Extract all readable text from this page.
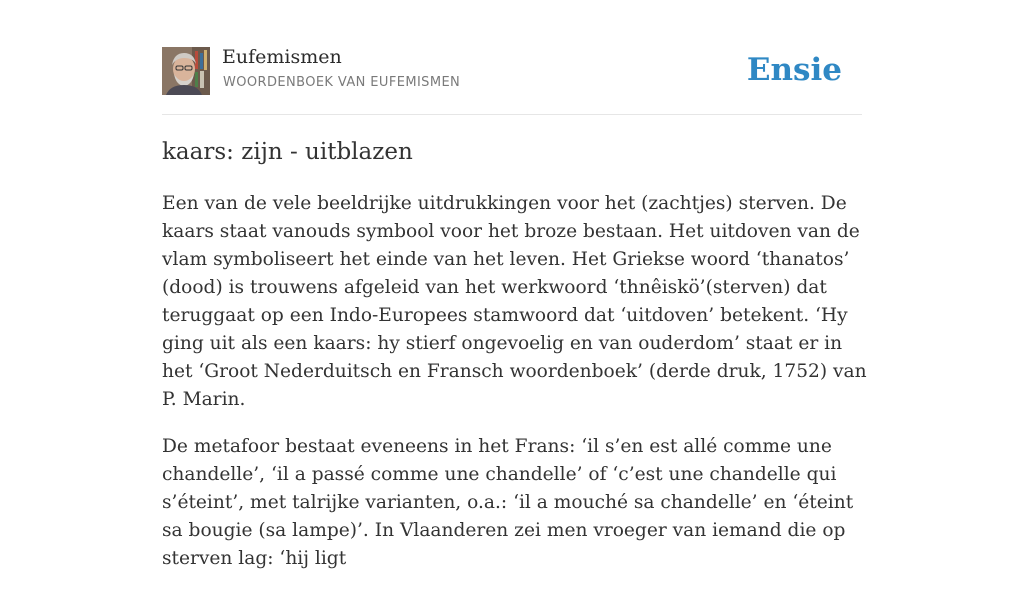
Eufemismen
WOORDENBOEK VAN EUFEMISMEN	Ensie
kaars: zijn - uitblazen

Een van de vele beeldrijke uitdrukkingen voor het (zachtjes) sterven. De kaars staat vanouds symbool voor het broze bestaan. Het uitdoven van de vlam symboliseert het einde van het leven. Het Griekse woord ‘thanatos’ (dood) is trouwens afgeleid van het werkwoord ‘thnêiskö’(sterven) dat teruggaat op een Indo-Europees stamwoord dat ‘uitdoven’ betekent. ‘Hy ging uit als een kaars: hy stierf ongevoelig en van ouderdom’ staat er in het ‘Groot Nederduitsch en Fransch woordenboek’ (derde druk, 1752) van P. Marin.

De metafoor bestaat eveneens in het Frans: ‘il s’en est allé comme une chandelle’, ‘il a passé comme une chandelle’ of ‘c’est une chandelle qui s’éteint’, met talrijke varianten, o.a.: ‘il a mouché sa chandelle’ en ‘éteint sa bougie (sa lampe)’. In Vlaanderen zei men vroeger van iemand die op sterven lag: ‘hij ligt
